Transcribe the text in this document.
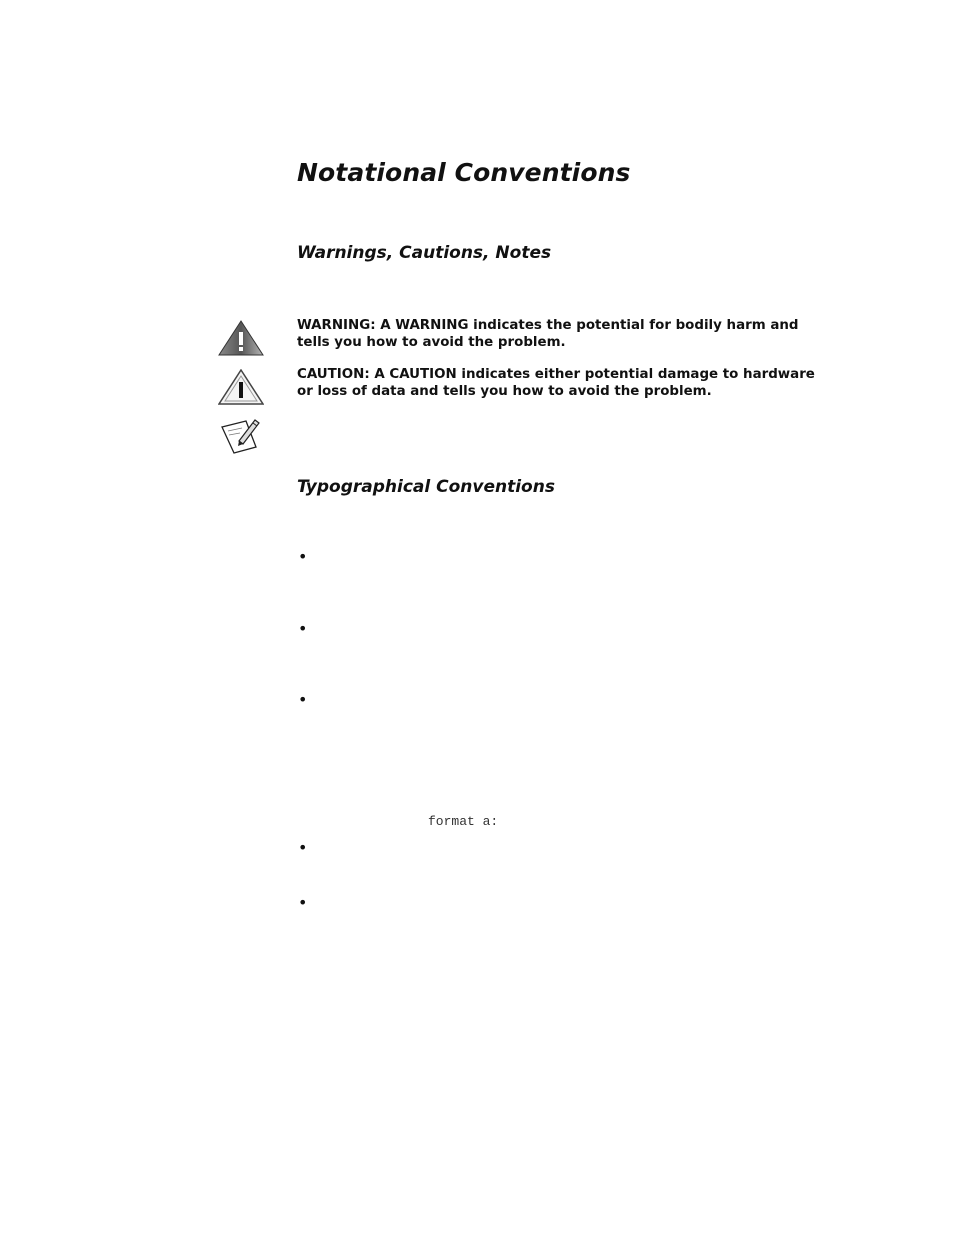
Notational Conventions
Warnings, Cautions, Notes

WARNING: A WARNING indicates the potential for bodily harm and tells you how to avoid the problem.

CAUTION: A CAUTION indicates either potential damage to hardware or loss of data and tells you how to avoid the problem.

Typographical Conventions
•
•
•
format a:
•
•
